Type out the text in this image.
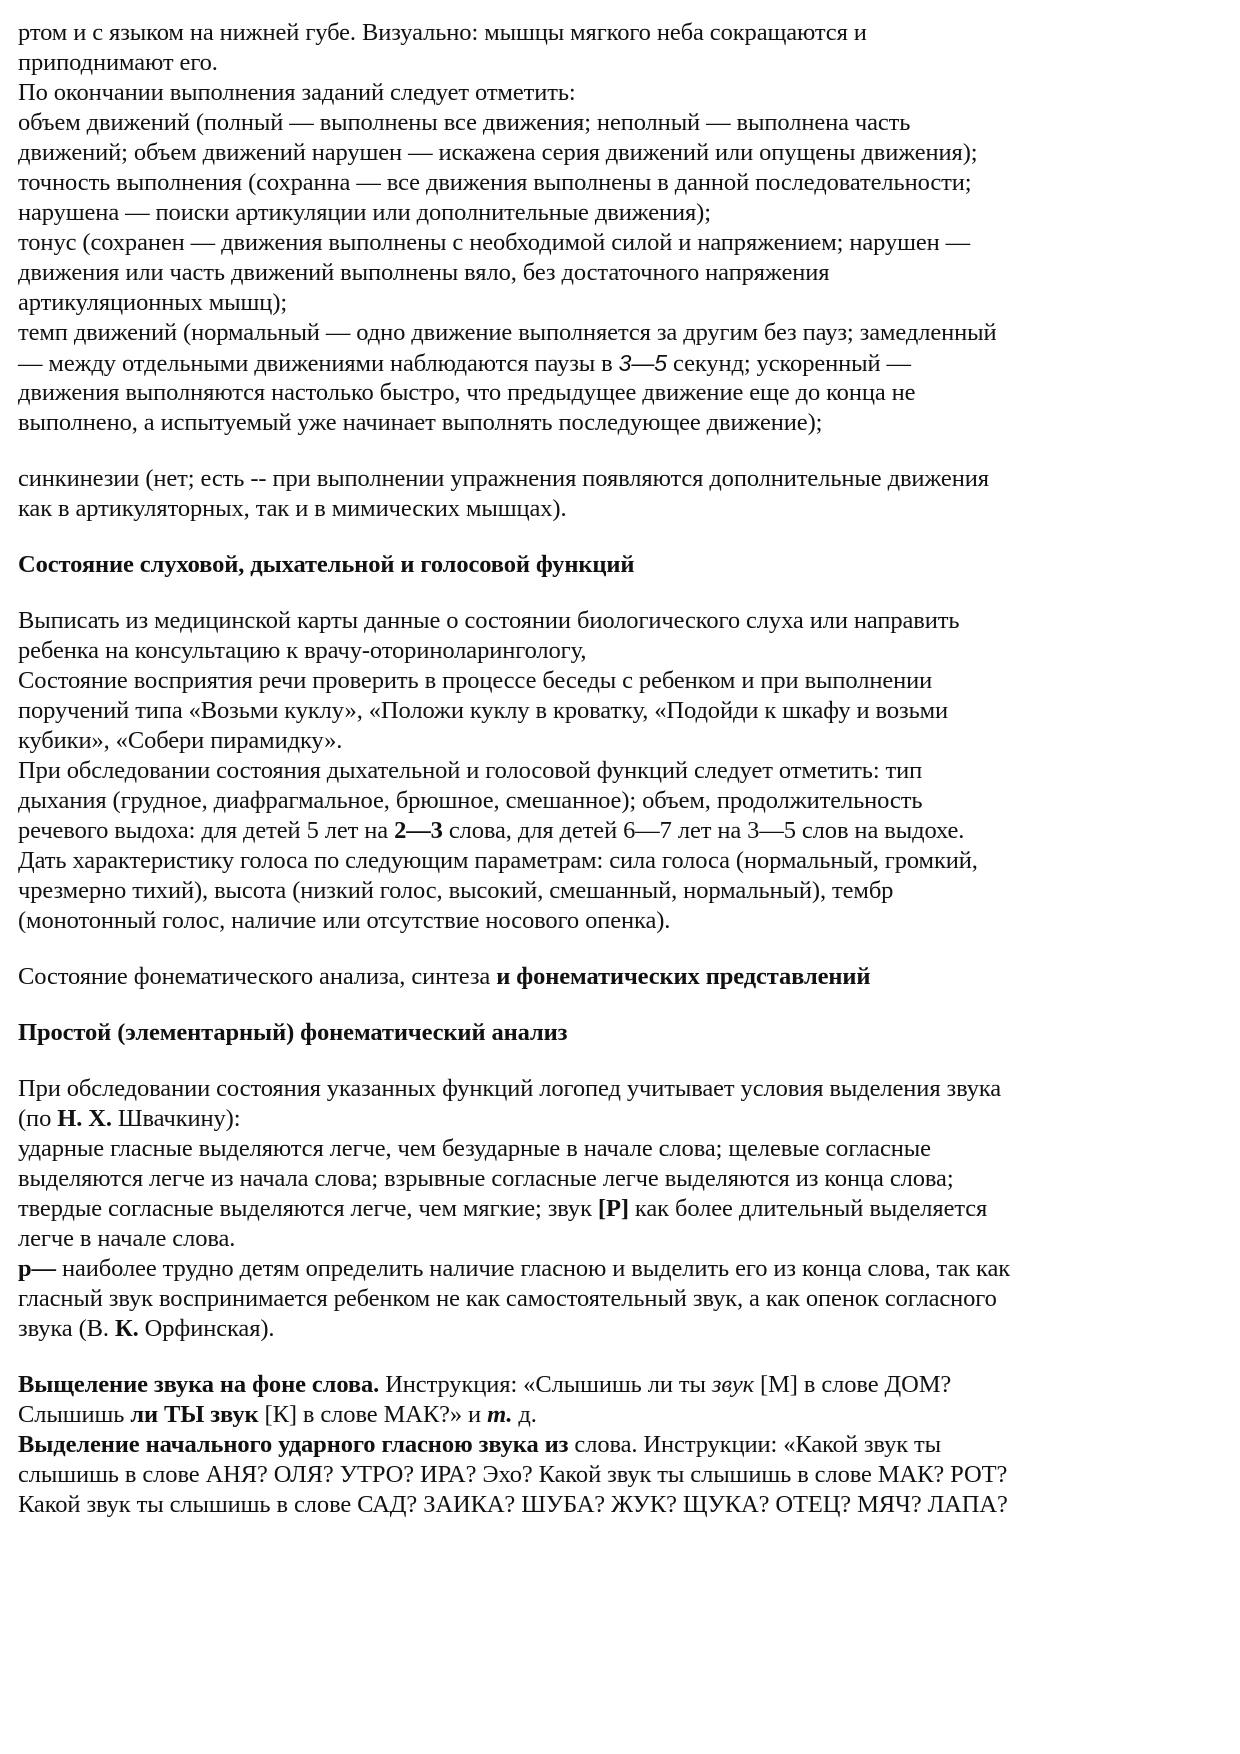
ртом и с языком на нижней губе. Визуально: мышцы мягкого неба сокращаются и
приподнимают его.
По окончании выполнения заданий следует отметить:
объем движений (полный — выполнены все движения; неполный — выполнена часть
движений; объем движений нарушен — искажена серия движений или опущены движения);
точность выполнения (сохранна — все движения выполнены в данной последовательности;
нарушена — поиски артикуляции или дополнительные движения);
тонус (сохранен — движения выполнены с необходимой силой и напряжением; нарушен —
движения или часть движений выполнены вяло, без достаточного напряжения
артикуляционных мышц);
темп движений (нормальный — одно движение выполняется за другим без пауз; замедленный
— между отдельными движениями наблюдаются паузы в 3—5 секунд; ускоренный —
движения выполняются настолько быстро, что предыдущее движение еще до конца не
выполнено, а испытуемый уже начинает выполнять последующее движение);
синкинезии (нет; есть -- при выполнении упражнения появляются дополнительные движения
как в артикуляторных, так и в мимических мышцах).
Состояние слуховой, дыхательной и голосовой функций
Выписать из медицинской карты данные о состоянии биологического слуха или направить
ребенка на консультацию к врачу-оториноларингологу,
Состояние восприятия речи проверить в процессе беседы с ребенком и при выполнении
поручений типа «Возьми куклу», «Положи куклу в кроватку, «Подойди к шкафу и возьми
кубики», «Собери пирамидку».
При обследовании состояния дыхательной и голосовой функций следует отметить: тип
дыхания (грудное, диафрагмальное, брюшное, смешанное); объем, продолжительность
речевого выдоха: для детей 5 лет на 2—3 слова, для детей 6—7 лет на 3—5 слов на выдохе.
Дать характеристику голоса по следующим параметрам: сила голоса (нормальный, громкий,
чрезмерно тихий), высота (низкий голос, высокий, смешанный, нормальный), тембр
(монотонный голос, наличие или отсутствие носового опенка).
Состояние фонематического анализа, синтеза и фонематических представлений
Простой (элементарный) фонематический анализ
При обследовании состояния указанных функций логопед учитывает условия выделения звука
(по Н. Х. Швачкину):
ударные гласные выделяются легче, чем безударные в начале слова; щелевые согласные
выделяются легче из начала слова; взрывные согласные легче выделяются из конца слова;
твердые согласные выделяются легче, чем мягкие; звук [Р] как более длительный выделяется
легче в начале слова.
р— наиболее трудно детям определить наличие гласною и выделить его из конца слова, так как
гласный звук воспринимается ребенком не как самостоятельный звук, а как опенок согласного
звука (В. К. Орфинская).
Выщеление звука на фоне слова. Инструкция: «Слышишь ли ты звук [М] в слове ДОМ?
Слышишь ли ТЫ звук [К] в слове МАК?» и т. д.
Выделение начального ударного гласною звука из слова. Инструкции: «Какой звук ты
слышишь в слове АНЯ? ОЛЯ? УТРО? ИРА? Эхо? Какой звук ты слышишь в слове МАК? РОТ?
Какой звук ты слышишь в слове САД? ЗАИКА? ШУБА? ЖУК? ЩУКА? ОТЕЦ? МЯЧ? ЛАПА?
